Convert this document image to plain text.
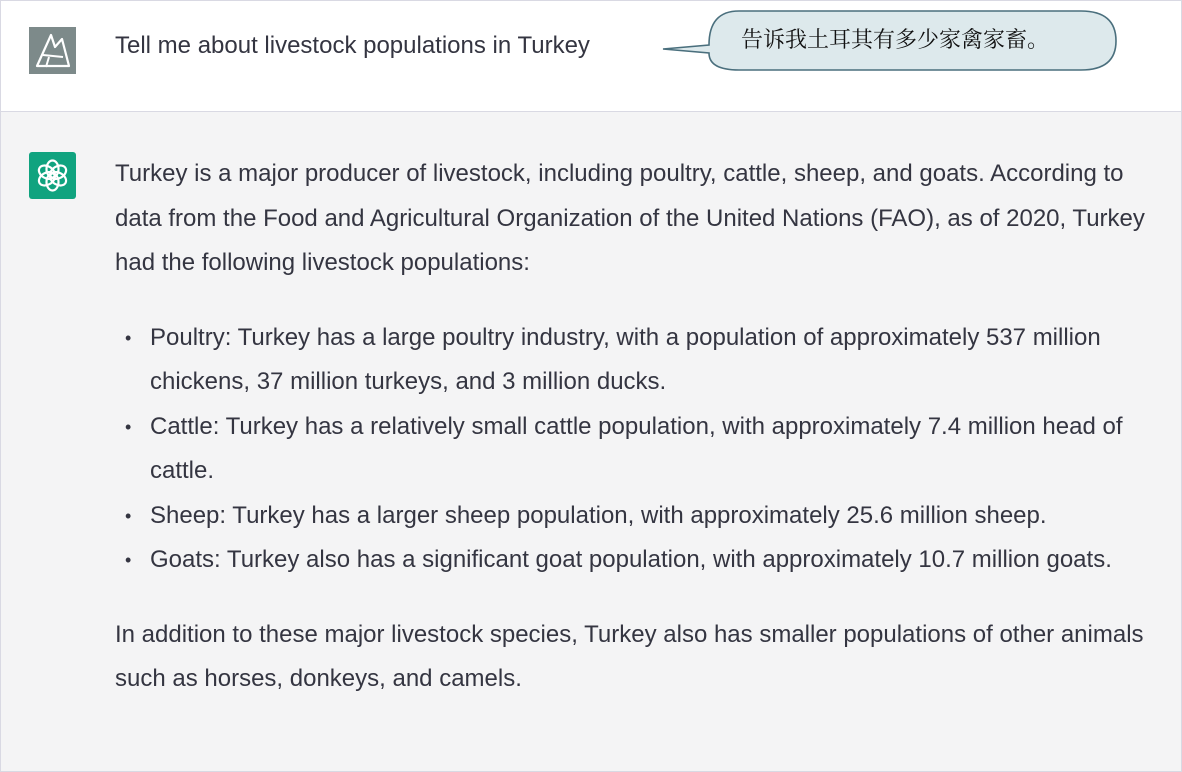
Tell me about livestock populations in Turkey	告诉我土耳其有多少家禽家畜。

Turkey is a major producer of livestock, including poultry, cattle, sheep, and goats. According to data from the Food and Agricultural Organization of the United Nations (FAO), as of 2020, Turkey had the following livestock populations:

• Poultry: Turkey has a large poultry industry, with a population of approximately 537 million chickens, 37 million turkeys, and 3 million ducks.
• Cattle: Turkey has a relatively small cattle population, with approximately 7.4 million head of cattle.
• Sheep: Turkey has a larger sheep population, with approximately 25.6 million sheep.
• Goats: Turkey also has a significant goat population, with approximately 10.7 million goats.

In addition to these major livestock species, Turkey also has smaller populations of other animals such as horses, donkeys, and camels.
